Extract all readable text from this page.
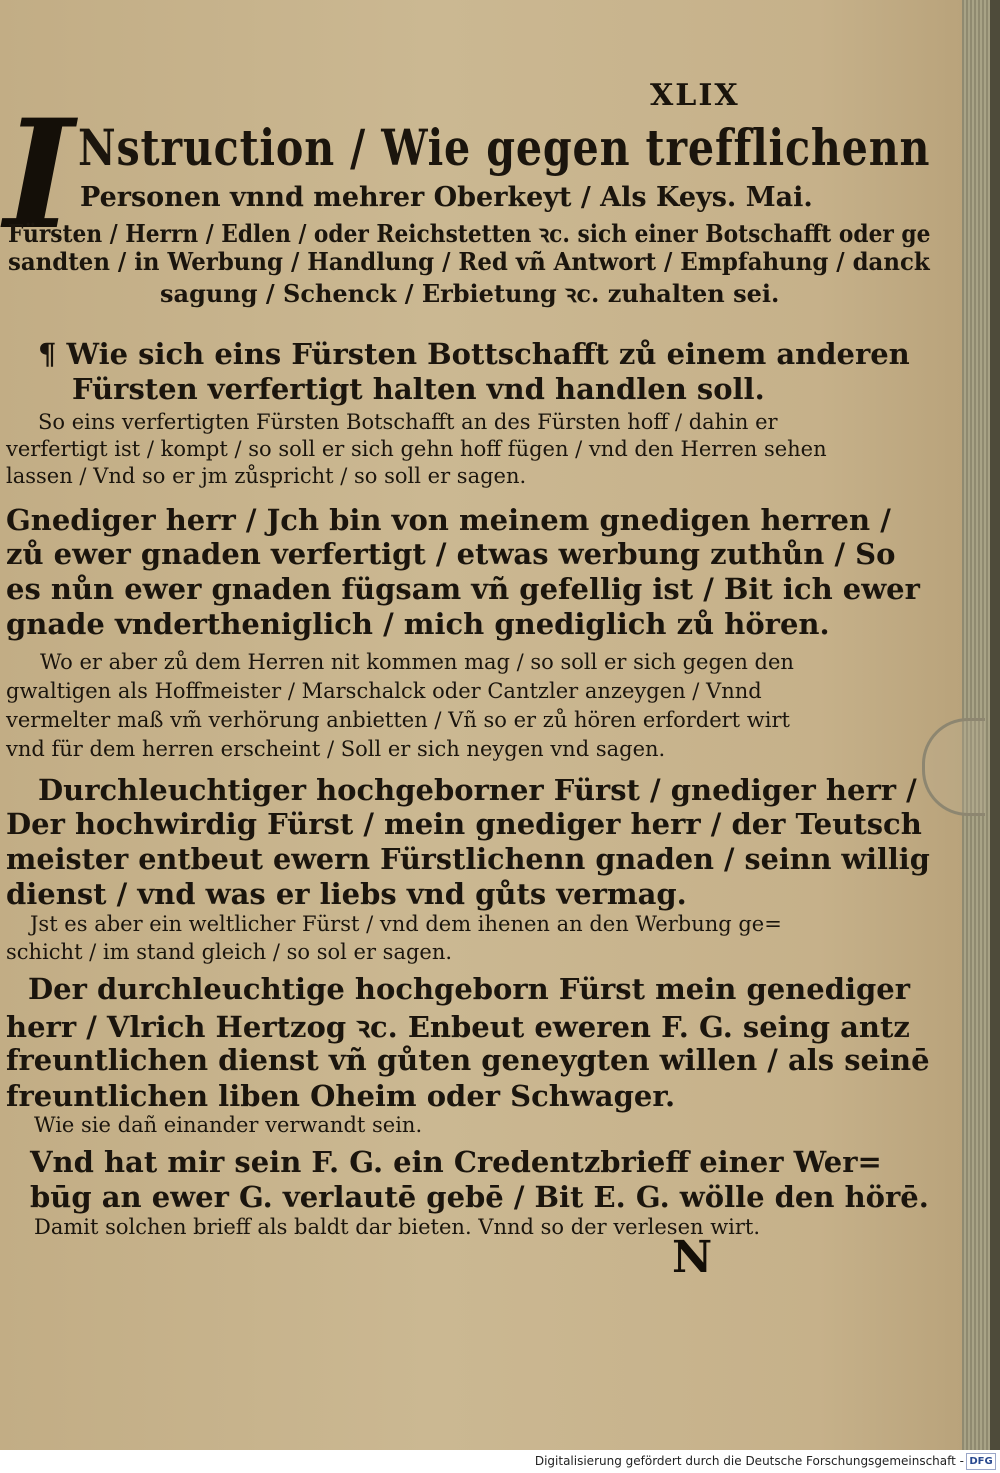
XLIX
I Nstruction / Wie gegen trefflichenn
Personen vnnd mehrer Oberkeyt / Als Keys. Mai.
Fürsten / Herrn / Edlen / oder Reichstetten ꝛc. sich einer Botschafft oder ge
sandten / in Werbung / Handlung / Red vñ Antwort / Empfahung / danck
sagung / Schenck / Erbietung ꝛc. zuhalten sei.
¶ Wie sich eins Fürsten Bottschafft zů einem anderen
Fürsten verfertigt halten vnd handlen soll.
So eins verfertigten Fürsten Botschafft an des Fürsten hoff / dahin er
verfertigt ist / kompt / so soll er sich gehn hoff fügen / vnd den Herren sehen
lassen / Vnd so er jm zůspricht / so soll er sagen.
Gnediger herr / Jch bin von meinem gnedigen herren /
zů ewer gnaden verfertigt / etwas werbung zuthůn / So
es nůn ewer gnaden fügsam vñ gefellig ist / Bit ich ewer
gnade vndertheniglich / mich gnediglich zů hören.
Wo er aber zů dem Herren nit kommen mag / so soll er sich gegen den
gwaltigen als Hoffmeister / Marschalck oder Cantzler anzeygen / Vnnd
vermelter maß vm̃ verhörung anbietten / Vñ so er zů hören erfordert wirt
vnd für dem herren erscheint / Soll er sich neygen vnd sagen.
Durchleuchtiger hochgeborner Fürst / gnediger herr /
Der hochwirdig Fürst / mein gnediger herr / der Teutsch
meister entbeut ewern Fürstlichenn gnaden / seinn willig
dienst / vnd was er liebs vnd gůts vermag.
Jst es aber ein weltlicher Fürst / vnd dem ihenen an den Werbung ge=
schicht / im stand gleich / so sol er sagen.
Der durchleuchtige hochgeborn Fürst mein genediger
herr / Vlrich Hertzog ꝛc. Enbeut eweren F. G. seing antz
freuntlichen dienst vñ gůten geneygten willen / als seinē
freuntlichen liben Oheim oder Schwager.
Wie sie dañ einander verwandt sein.
Vnd hat mir sein F. G. ein Credentzbrieff einer Wer=
būg an ewer G. verlautē gebē / Bit E. G. wölle den hörē.
Damit solchen brieff als baldt dar bieten. Vnnd so der verlesen wirt.
N
Digitalisierung gefördert durch die Deutsche Forschungsgemeinschaft - DFG
